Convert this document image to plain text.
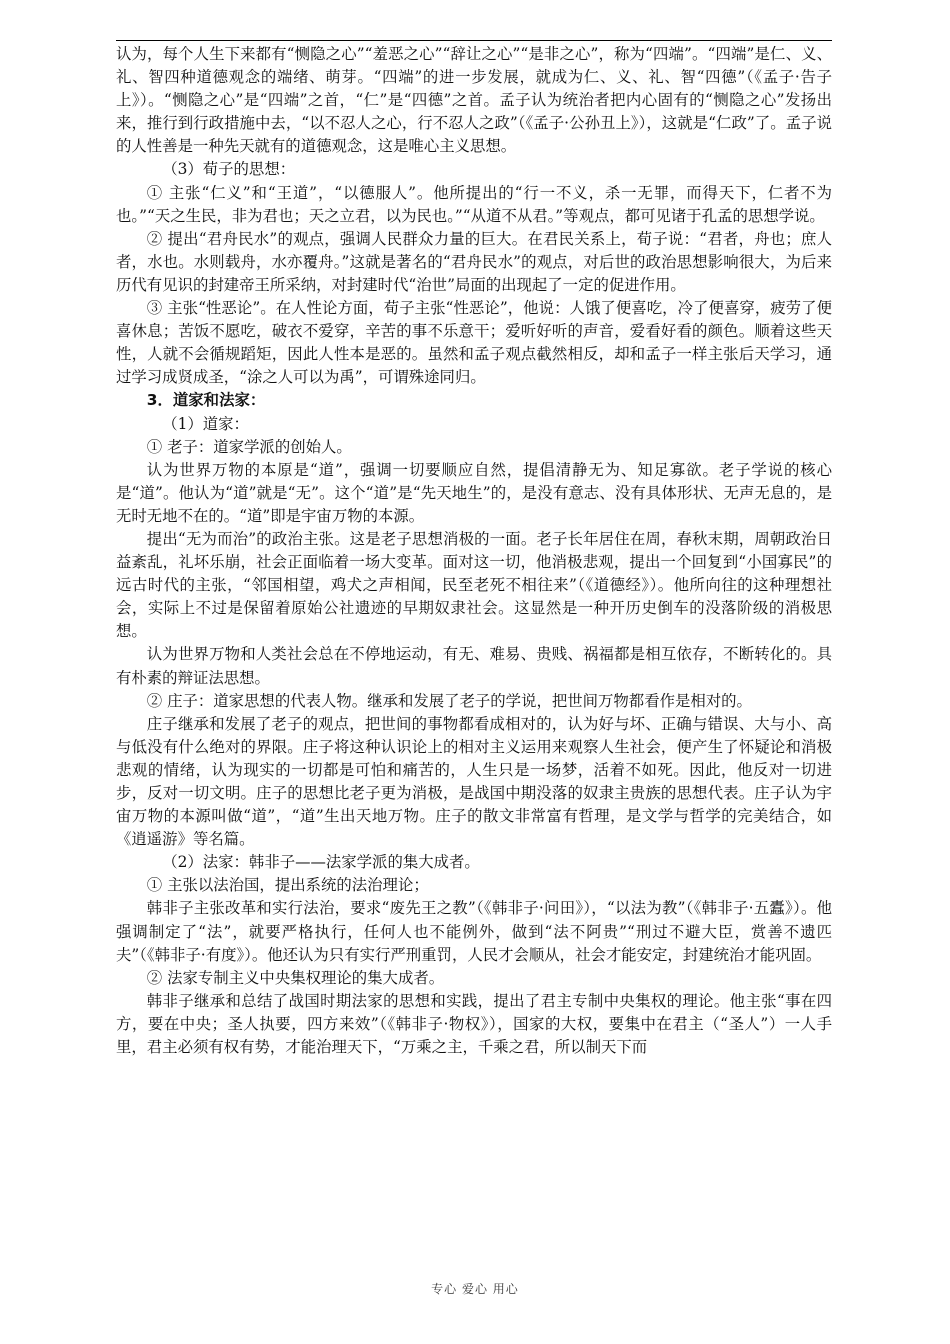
认为，每个人生下来都有“恻隐之心”“羞恶之心”“辞让之心”“是非之心”，称为“四端”。“四端”是仁、义、礼、智四种道德观念的端绪、萌芽。“四端”的进一步发展，就成为仁、义、礼、智“四德”（《孟子·告子上》）。“恻隐之心”是“四端”之首，“仁”是“四德”之首。孟子认为统治者把内心固有的“恻隐之心”发扬出来，推行到行政措施中去，“以不忍人之心，行不忍人之政”（《孟子·公孙丑上》），这就是“仁政”了。孟子说的人性善是一种先天就有的道德观念，这是唯心主义思想。

（3）荀子的思想：

① 主张“仁义”和“王道”，“以德服人”。他所提出的“行一不义，杀一无罪，而得天下，仁者不为也。”“天之生民，非为君也；天之立君，以为民也。”“从道不从君。”等观点，都可见诸于孔孟的思想学说。

② 提出“君舟民水”的观点，强调人民群众力量的巨大。在君民关系上，荀子说：“君者，舟也；庶人者，水也。水则载舟，水亦覆舟。”这就是著名的“君舟民水”的观点，对后世的政治思想影响很大，为后来历代有见识的封建帝王所采纳，对封建时代“治世”局面的出现起了一定的促进作用。

③ 主张“性恶论”。在人性论方面，荀子主张“性恶论”，他说：人饿了便喜吃，冷了便喜穿，疲劳了便喜休息；苦饭不愿吃，破衣不爱穿，辛苦的事不乐意干；爱听好听的声音，爱看好看的颜色。顺着这些天性，人就不会循规蹈矩，因此人性本是恶的。虽然和孟子观点截然相反，却和孟子一样主张后天学习，通过学习成贤成圣，“涂之人可以为禹”，可谓殊途同归。

3．道家和法家：

（1）道家：

① 老子：道家学派的创始人。

认为世界万物的本原是“道”，强调一切要顺应自然，提倡清静无为、知足寡欲。老子学说的核心是“道”。他认为“道”就是“无”。这个“道”是“先天地生”的，是没有意志、没有具体形状、无声无息的，是无时无地不在的。“道”即是宇宙万物的本源。

提出“无为而治”的政治主张。这是老子思想消极的一面。老子长年居住在周，春秋末期，周朝政治日益紊乱，礼坏乐崩，社会正面临着一场大变革。面对这一切，他消极悲观，提出一个回复到“小国寡民”的远古时代的主张，“邻国相望，鸡犬之声相闻，民至老死不相往来”（《道德经》）。他所向往的这种理想社会，实际上不过是保留着原始公社遗迹的早期奴隶社会。这显然是一种开历史倒车的没落阶级的消极思想。

认为世界万物和人类社会总在不停地运动，有无、难易、贵贱、祸福都是相互依存，不断转化的。具有朴素的辩证法思想。

② 庄子：道家思想的代表人物。继承和发展了老子的学说，把世间万物都看作是相对的。

庄子继承和发展了老子的观点，把世间的事物都看成相对的，认为好与坏、正确与错误、大与小、高与低没有什么绝对的界限。庄子将这种认识论上的相对主义运用来观察人生社会，便产生了怀疑论和消极悲观的情绪，认为现实的一切都是可怕和痛苦的，人生只是一场梦，活着不如死。因此，他反对一切进步，反对一切文明。庄子的思想比老子更为消极，是战国中期没落的奴隶主贵族的思想代表。庄子认为宇宙万物的本源叫做“道”，“道”生出天地万物。庄子的散文非常富有哲理，是文学与哲学的完美结合，如《逍遥游》等名篇。

（2）法家：韩非子——法家学派的集大成者。

① 主张以法治国，提出系统的法治理论；

韩非子主张改革和实行法治，要求“废先王之教”（《韩非子·问田》），“以法为教”（《韩非子·五蠹》）。他强调制定了“法”，就要严格执行，任何人也不能例外，做到“法不阿贵”“刑过不避大臣，赏善不遗匹夫”（《韩非子·有度》）。他还认为只有实行严刑重罚，人民才会顺从，社会才能安定，封建统治才能巩固。

② 法家专制主义中央集权理论的集大成者。

韩非子继承和总结了战国时期法家的思想和实践，提出了君主专制中央集权的理论。他主张“事在四方，要在中央；圣人执要，四方来效”（《韩非子·物权》），国家的大权，要集中在君主（“圣人”）一人手里，君主必须有权有势，才能治理天下，“万乘之主，千乘之君，所以制天下而

专心 爱心 用心
